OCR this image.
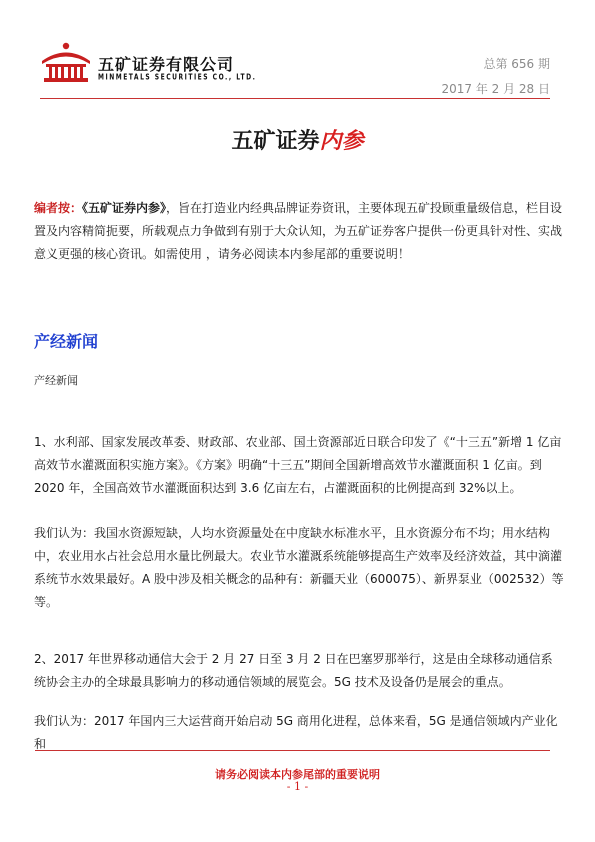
五矿证券有限公司
MINMETALS SECURITIES CO., LTD.
总第 656 期
2017 年 2 月 28 日
五矿证券内参

编者按：《五矿证券内参》，旨在打造业内经典品牌证券资讯，主要体现五矿投顾重量级信息，栏目设置及内容精简扼要，所载观点力争做到有别于大众认知，为五矿证券客户提供一份更具针对性、实战意义更强的核心资讯。如需使用 ，请务必阅读本内参尾部的重要说明！

产经新闻
产经新闻

1、水利部、国家发展改革委、财政部、农业部、国土资源部近日联合印发了《“十三五”新增 1 亿亩高效节水灌溉面积实施方案》。《方案》明确“十三五”期间全国新增高效节水灌溉面积 1 亿亩。到 2020 年，全国高效节水灌溉面积达到 3.6 亿亩左右，占灌溉面积的比例提高到 32%以上。

我们认为：我国水资源短缺，人均水资源量处在中度缺水标准水平，且水资源分布不均；用水结构中，农业用水占社会总用水量比例最大。农业节水灌溉系统能够提高生产效率及经济效益，其中滴灌系统节水效果最好。A 股中涉及相关概念的品种有：新疆天业（600075）、新界泵业（002532）等等。

2、2017 年世界移动通信大会于 2 月 27 日至 3 月 2 日在巴塞罗那举行，这是由全球移动通信系统协会主办的全球最具影响力的移动通信领域的展览会。5G 技术及设备仍是展会的重点。

我们认为：2017 年国内三大运营商开始启动 5G 商用化进程，总体来看，5G 是通信领域内产业化和

请务必阅读本内参尾部的重要说明
- 1 -
